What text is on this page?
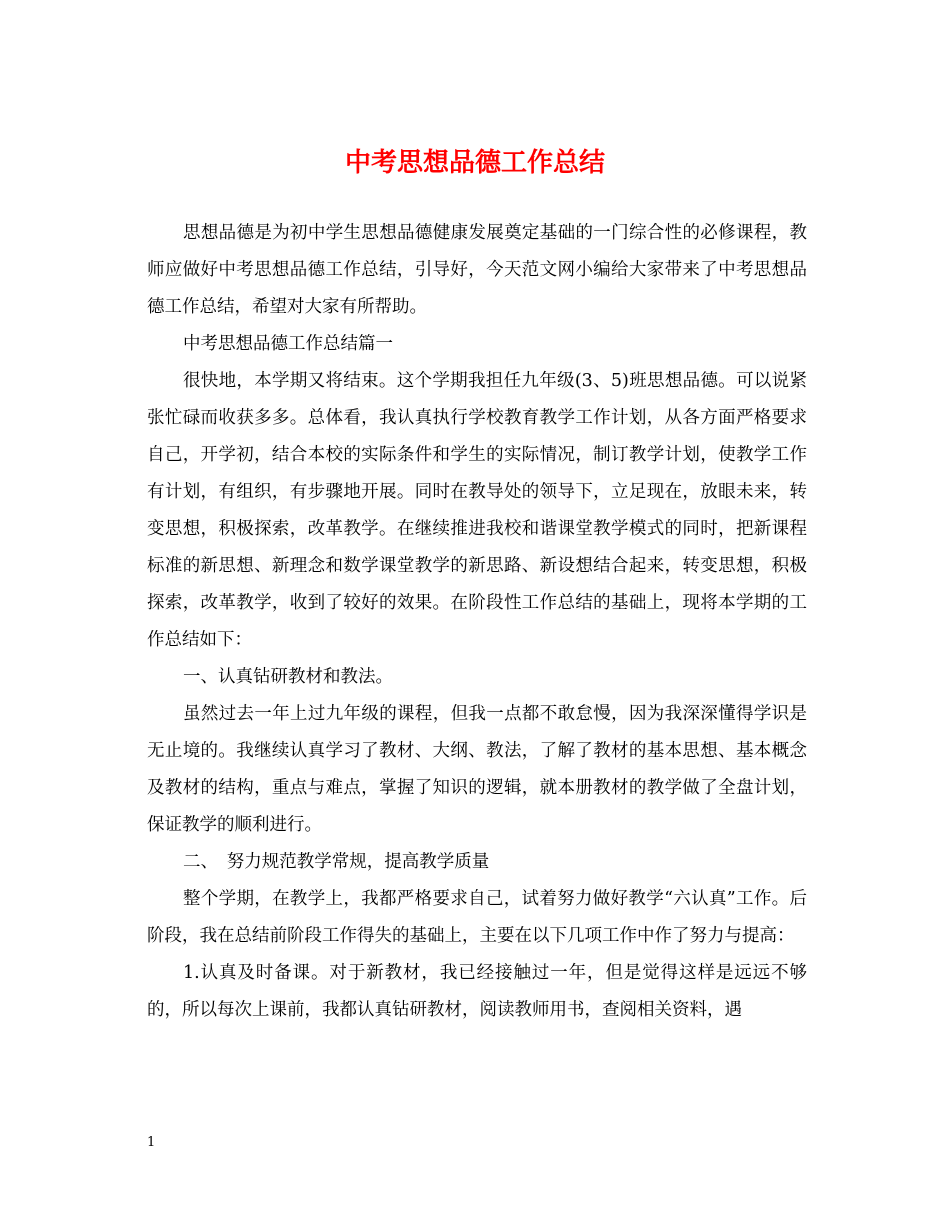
中考思想品德工作总结

思想品德是为初中学生思想品德健康发展奠定基础的一门综合性的必修课程，教师应做好中考思想品德工作总结，引导好，今天范文网小编给大家带来了中考思想品德工作总结，希望对大家有所帮助。

中考思想品德工作总结篇一

很快地，本学期又将结束。这个学期我担任九年级(3、5)班思想品德。可以说紧张忙碌而收获多多。总体看，我认真执行学校教育教学工作计划，从各方面严格要求自己，开学初，结合本校的实际条件和学生的实际情况，制订教学计划，使教学工作有计划，有组织，有步骤地开展。同时在教导处的领导下，立足现在，放眼未来，转变思想，积极探索，改革教学。在继续推进我校和谐课堂教学模式的同时，把新课程标准的新思想、新理念和数学课堂教学的新思路、新设想结合起来，转变思想，积极探索，改革教学，收到了较好的效果。在阶段性工作总结的基础上，现将本学期的工作总结如下：

一、认真钻研教材和教法。

虽然过去一年上过九年级的课程，但我一点都不敢怠慢，因为我深深懂得学识是无止境的。我继续认真学习了教材、大纲、教法，了解了教材的基本思想、基本概念及教材的结构，重点与难点，掌握了知识的逻辑，就本册教材的教学做了全盘计划，保证教学的顺利进行。

二、　努力规范教学常规，提高教学质量

整个学期，在教学上，我都严格要求自己，试着努力做好教学“六认真”工作。后阶段，我在总结前阶段工作得失的基础上，主要在以下几项工作中作了努力与提高：

1.认真及时备课。对于新教材，我已经接触过一年，但是觉得这样是远远不够的，所以每次上课前，我都认真钻研教材，阅读教师用书，查阅相关资料，遇

1
